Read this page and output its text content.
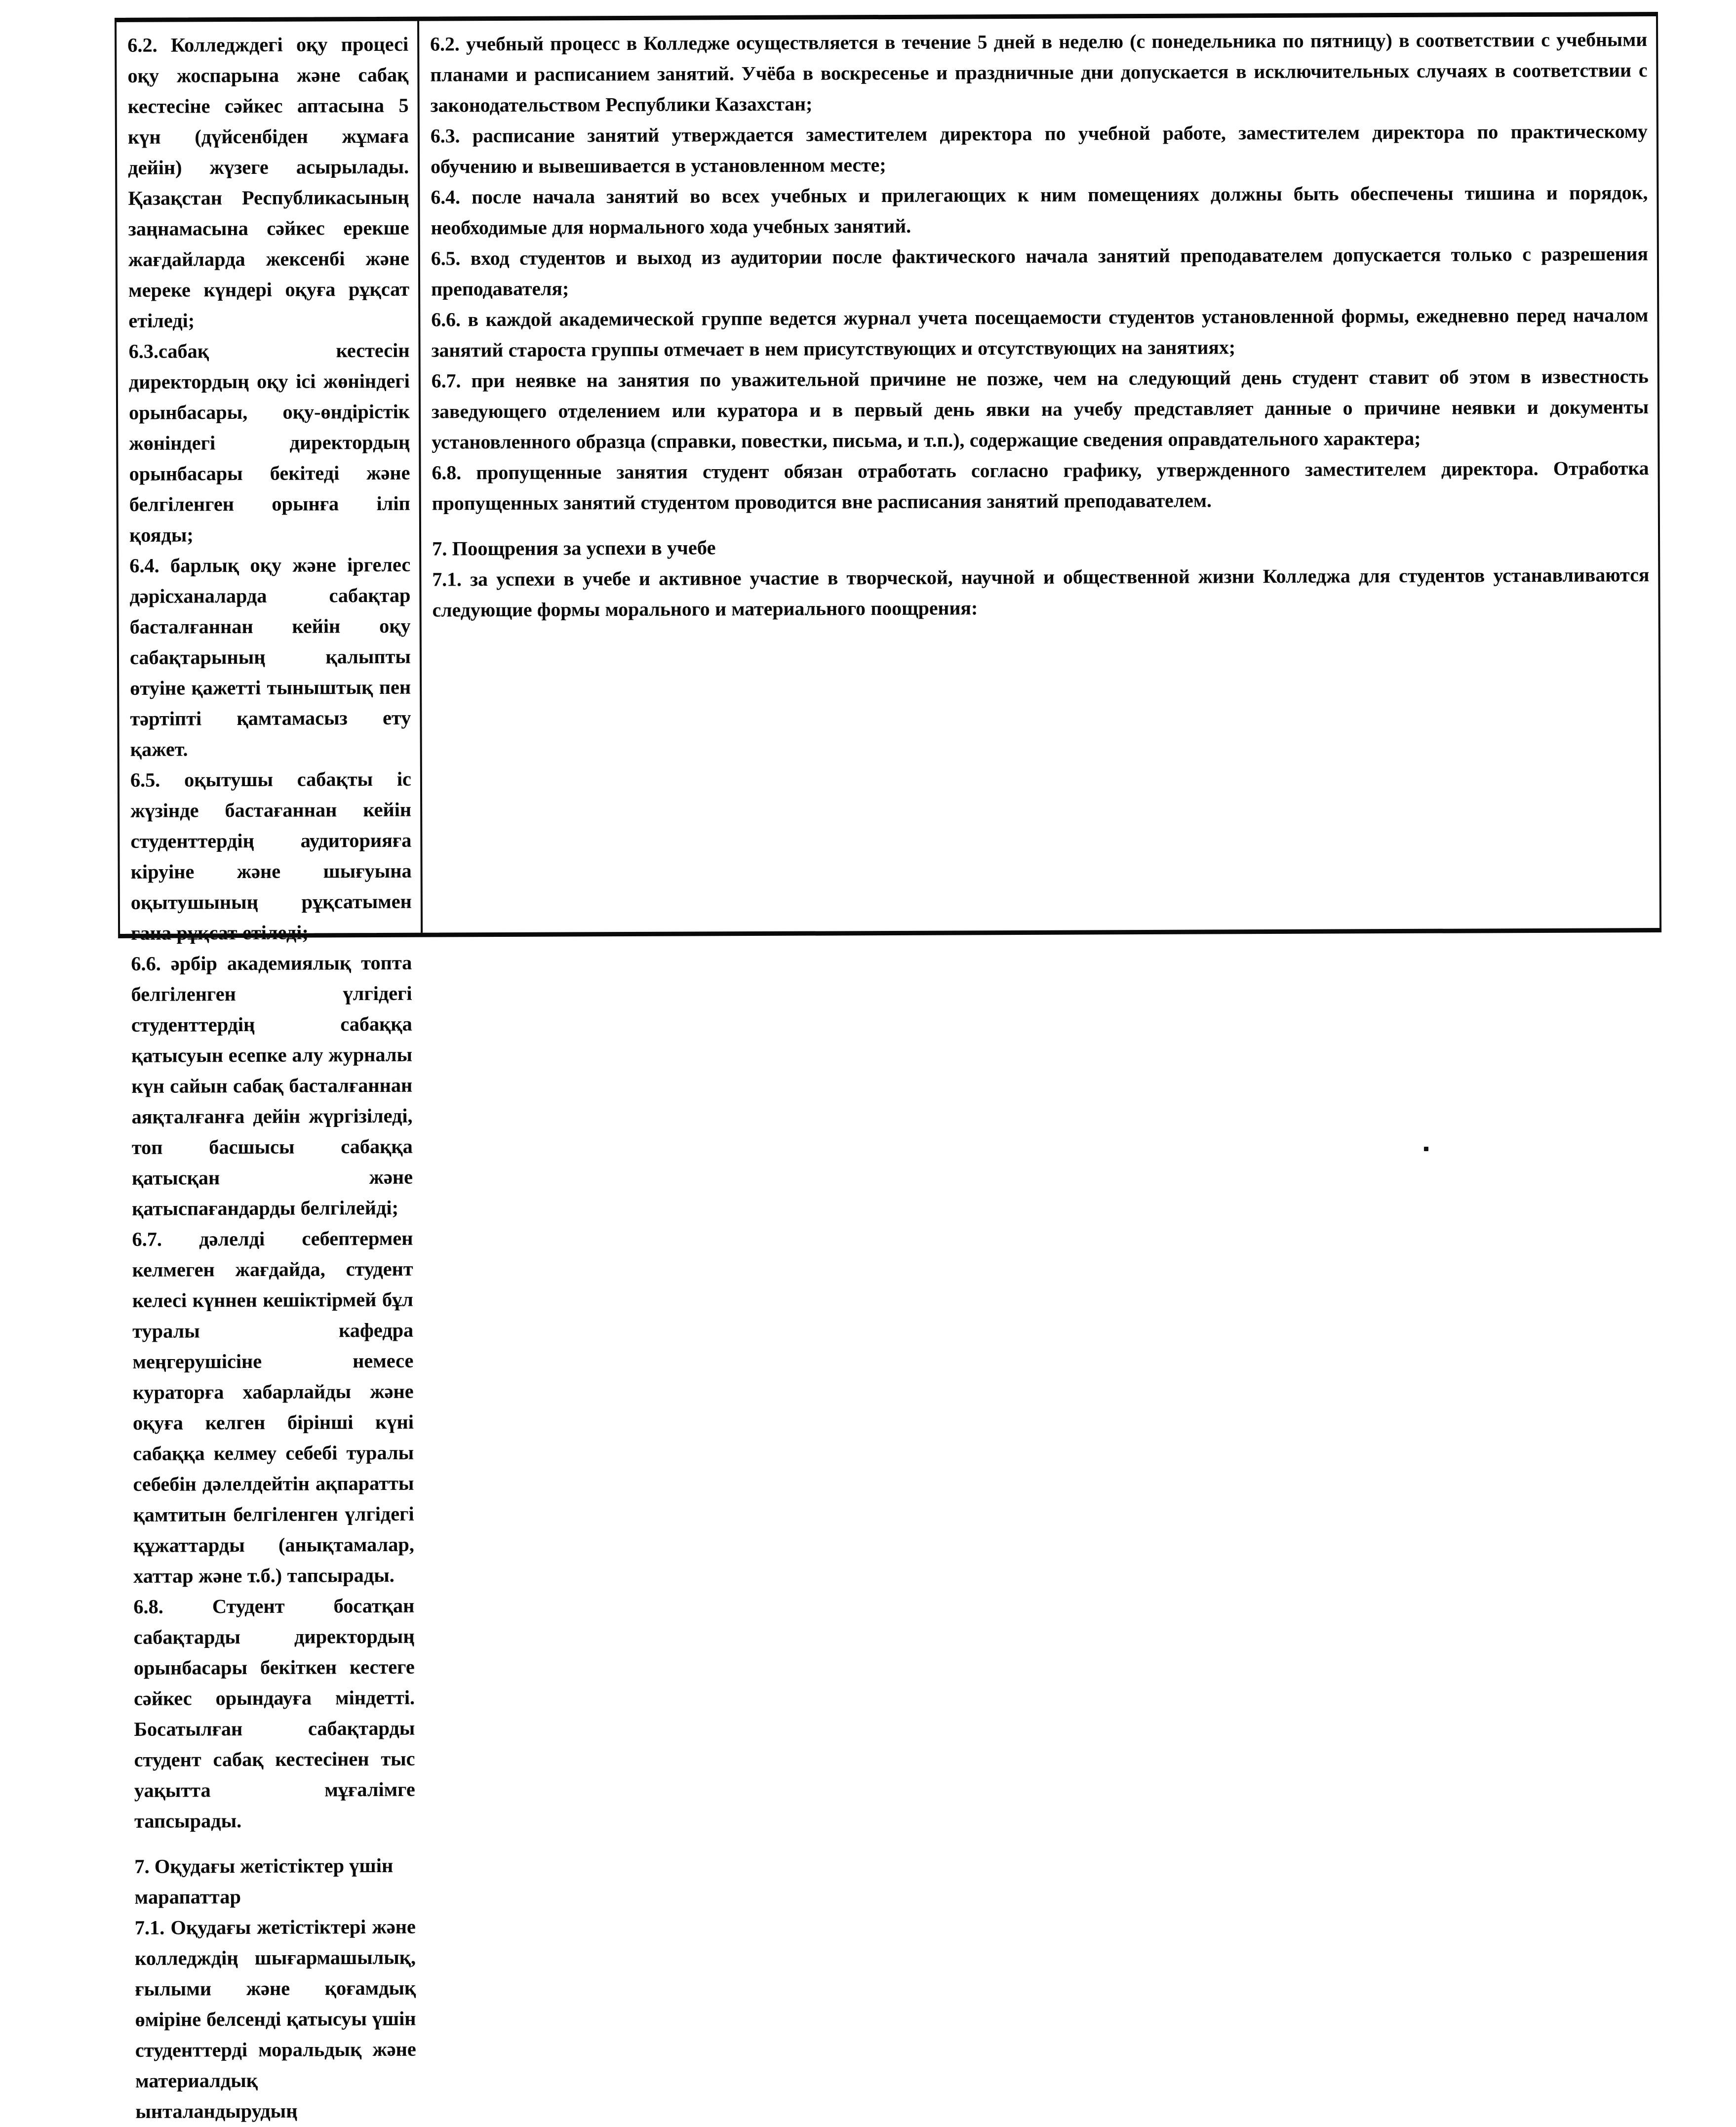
6.2. Колледждегі оқу процесі оқу жоспарына және сабақ кестесіне сәйкес аптасына 5 күн (дүйсенбіден жұмаға дейін) жүзеге асырылады. Қазақстан Республикасының заңнамасына сәйкес ерекше жағдайларда жексенбі және мереке күндері оқуға рұқсат етіледі;

6.3.сабақ кестесін директордың оқу ісі жөніндегі орынбасары, оқу-өндірістік жөніндегі директордың орынбасары бекітеді және белгіленген орынға іліп қояды;

6.4. барлық оқу және іргелес дәрісханаларда сабақтар басталғаннан кейін оқу сабақтарының қалыпты өтуіне қажетті тыныштық пен тәртіпті қамтамасыз ету қажет.

6.5. оқытушы сабақты іс жүзінде бастағаннан кейін студенттердің аудиторияға кіруіне және шығуына оқытушының рұқсатымен ғана рұқсат етіледі;

6.6. әрбір академиялық топта белгіленген үлгідегі студенттердің сабаққа қатысуын есепке алу журналы күн сайын сабақ басталғаннан аяқталғанға дейін жүргізіледі, топ басшысы сабаққа қатысқан және қатыспағандарды белгілейді;

6.7. дәлелді себептермен келмеген жағдайда, студент келесі күннен кешіктірмей бұл туралы кафедра меңгерушісіне немесе кураторға хабарлайды және оқуға келген бірінші күні сабаққа келмеу себебі туралы себебін дәлелдейтін ақпаратты қамтитын белгіленген үлгідегі құжаттарды (анықтамалар, хаттар және т.б.) тапсырады.

6.8. Студент босатқан сабақтарды директордың орынбасары бекіткен кестеге сәйкес орындауға міндетті. Босатылған сабақтарды студент сабақ кестесінен тыс уақытта мұғалімге тапсырады.

7. Оқудағы жетістіктер үшін марапаттар

7.1. Оқудағы жетістіктері және колледждің шығармашылық, ғылыми және қоғамдық өміріне белсенді қатысуы үшін студенттерді моральдық және материалдық ынталандырудың

6.2. учебный процесс в Колледже осуществляется в течение 5 дней в неделю (с понедельника по пятницу) в соответствии с учебными планами и расписанием занятий. Учёба в воскресенье и праздничные дни допускается в исключительных случаях в соответствии с законодательством Республики Казахстан;

6.3. расписание занятий утверждается заместителем директора по учебной работе, заместителем директора по практическому обучению и вывешивается в установленном месте;

6.4. после начала занятий во всех учебных и прилегающих к ним помещениях должны быть обеспечены тишина и порядок, необходимые для нормального хода учебных занятий.

6.5. вход студентов и выход из аудитории после фактического начала занятий преподавателем допускается только с разрешения преподавателя;

6.6. в каждой академической группе ведется журнал учета посещаемости студентов установленной формы, ежедневно перед началом занятий староста группы отмечает в нем присутствующих и отсутствующих на занятиях;

6.7. при неявке на занятия по уважительной причине не позже, чем на следующий день студент ставит об этом в известность заведующего отделением или куратора и в первый день явки на учебу представляет данные о причине неявки и документы установленного образца (справки, повестки, письма, и т.п.), содержащие сведения оправдательного характера;

6.8. пропущенные занятия студент обязан отработать согласно графику, утвержденного заместителем директора. Отработка пропущенных занятий студентом проводится вне расписания занятий преподавателем.

7. Поощрения за успехи в учебе

7.1. за успехи в учебе и активное участие в творческой, научной и общественной жизни Колледжа для студентов устанавливаются следующие формы морального и материального поощрения:
